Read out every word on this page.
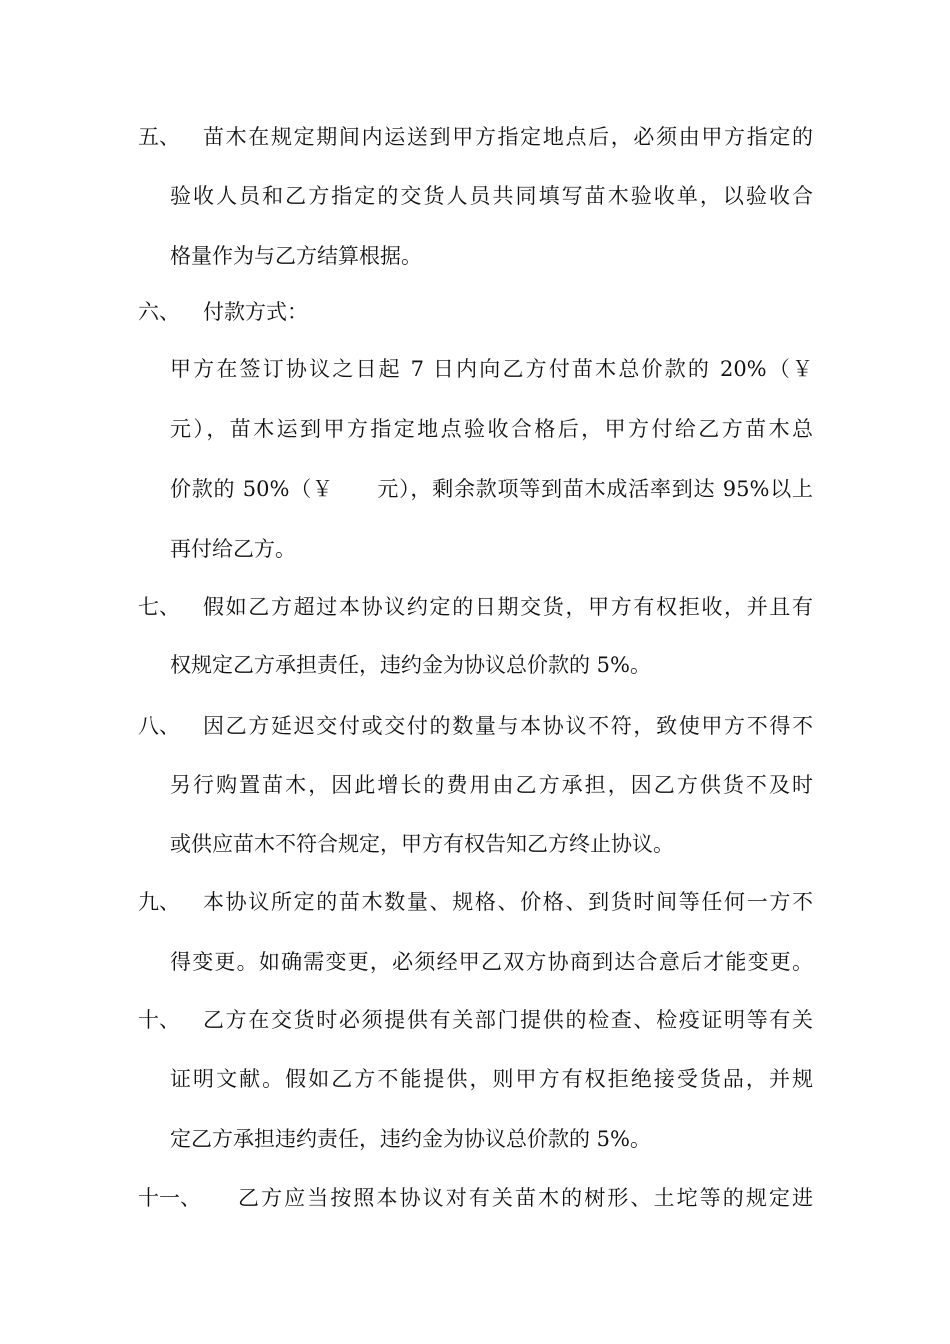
五、 苗木在规定期间内运送到甲方指定地点后，必须由甲方指定的
验收人员和乙方指定的交货人员共同填写苗木验收单，以验收合
格量作为与乙方结算根据。
六、 付款方式：
甲方在签订协议之日起 7 日内向乙方付苗木总价款的 20%（￥
元），苗木运到甲方指定地点验收合格后，甲方付给乙方苗木总
价款的 50%（￥　　元），剩余款项等到苗木成活率到达 95%以上
再付给乙方。
七、 假如乙方超过本协议约定的日期交货，甲方有权拒收，并且有
权规定乙方承担责任，违约金为协议总价款的 5%。
八、 因乙方延迟交付或交付的数量与本协议不符，致使甲方不得不
另行购置苗木，因此增长的费用由乙方承担，因乙方供货不及时
或供应苗木不符合规定，甲方有权告知乙方终止协议。
九、 本协议所定的苗木数量、规格、价格、到货时间等任何一方不
得变更。如确需变更，必须经甲乙双方协商到达合意后才能变更。
十、 乙方在交货时必须提供有关部门提供的检查、检疫证明等有关
证明文献。假如乙方不能提供，则甲方有权拒绝接受货品，并规
定乙方承担违约责任，违约金为协议总价款的 5%。
十一、 乙方应当按照本协议对有关苗木的树形、土坨等的规定进
